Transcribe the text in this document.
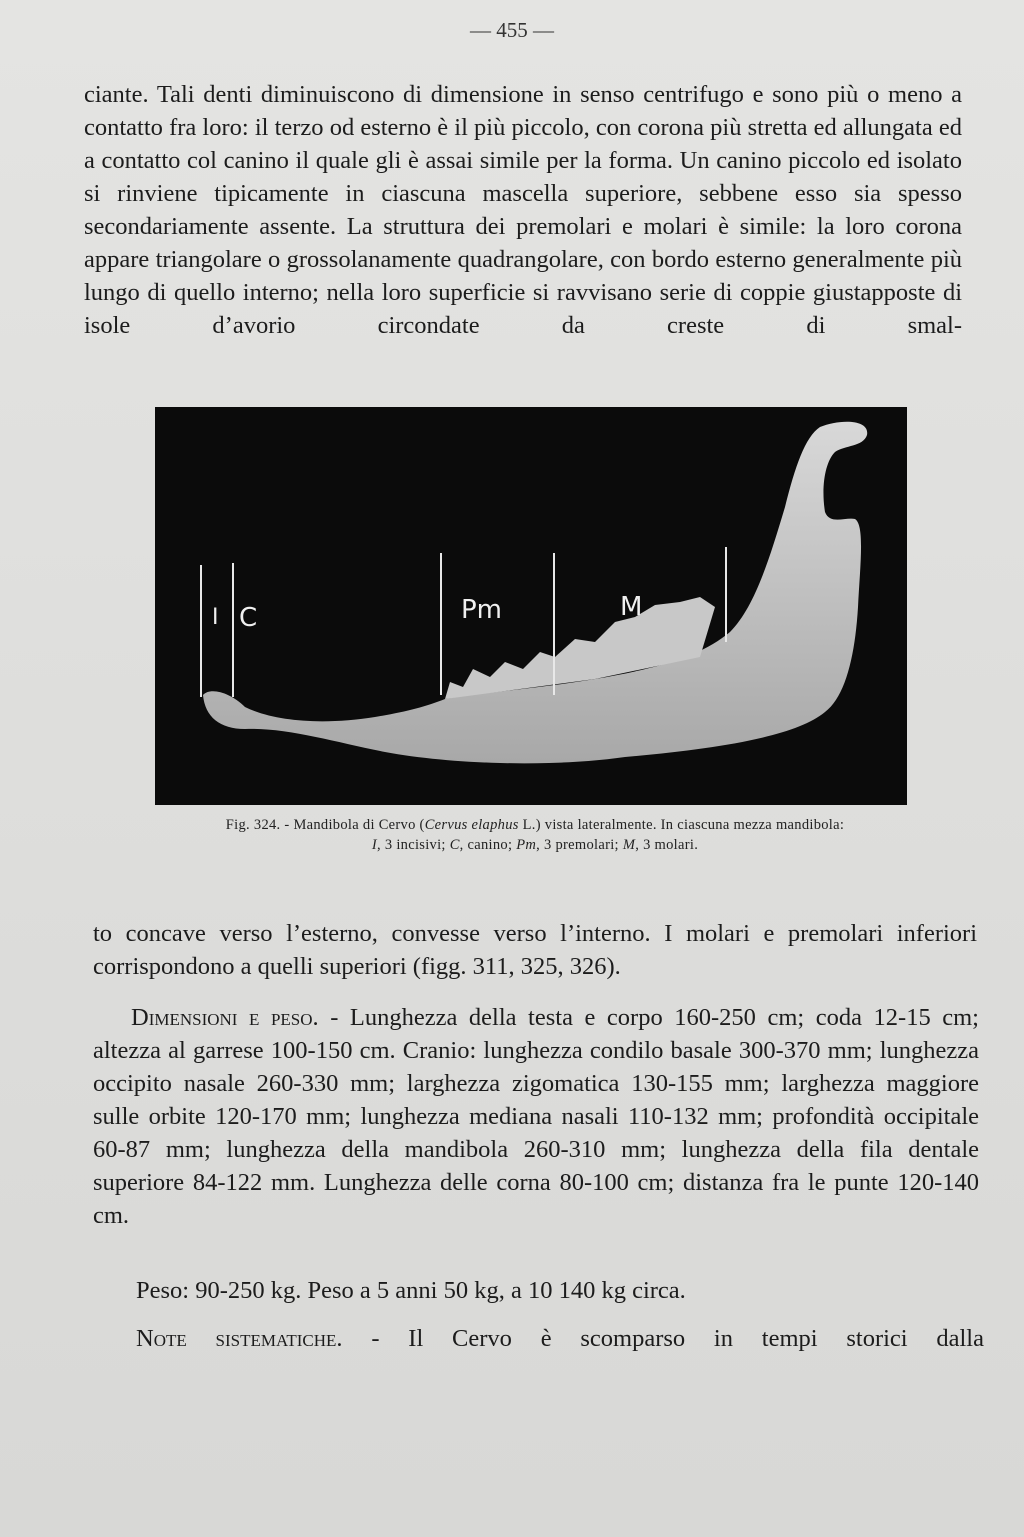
— 455 —
ciante. Tali denti diminuiscono di dimensione in senso centrifugo e sono più o meno a contatto fra loro: il terzo od esterno è il più piccolo, con corona più stretta ed allungata ed a contatto col canino il quale gli è assai simile per la forma. Un canino piccolo ed isolato si rinviene tipicamente in ciascuna mascella superiore, sebbene esso sia spesso secondariamente assente. La struttura dei premolari e molari è simile: la loro corona appare triangolare o grossolanamente quadrangolare, con bordo esterno generalmente più lungo di quello interno; nella loro superficie si ravvisano serie di coppie giustapposte di isole d’avorio circondate da creste di smal-
I C	Pm	M
Fig. 324. - Mandibola di Cervo (Cervus elaphus L.) vista lateralmente. In ciascuna mezza mandibola:
I, 3 incisivi; C, canino; Pm, 3 premolari; M, 3 molari.
to concave verso l’esterno, convesse verso l’interno. I molari e premolari inferiori corrispondono a quelli superiori (figg. 311, 325, 326).
Dimensioni e peso. - Lunghezza della testa e corpo 160-250 cm; coda 12-15 cm; altezza al garrese 100-150 cm. Cranio: lunghezza condilo basale 300-370 mm; lunghezza occipito nasale 260-330 mm; larghezza zigomatica 130-155 mm; larghezza maggiore sulle orbite 120-170 mm; lunghezza mediana nasali 110-132 mm; profondità occipitale 60-87 mm; lunghezza della mandibola 260-310 mm; lunghezza della fila dentale superiore 84-122 mm. Lunghezza delle corna 80-100 cm; distanza fra le punte 120-140 cm.
Peso: 90-250 kg. Peso a 5 anni 50 kg, a 10 140 kg circa.
Note sistematiche. - Il Cervo è scomparso in tempi storici dalla
